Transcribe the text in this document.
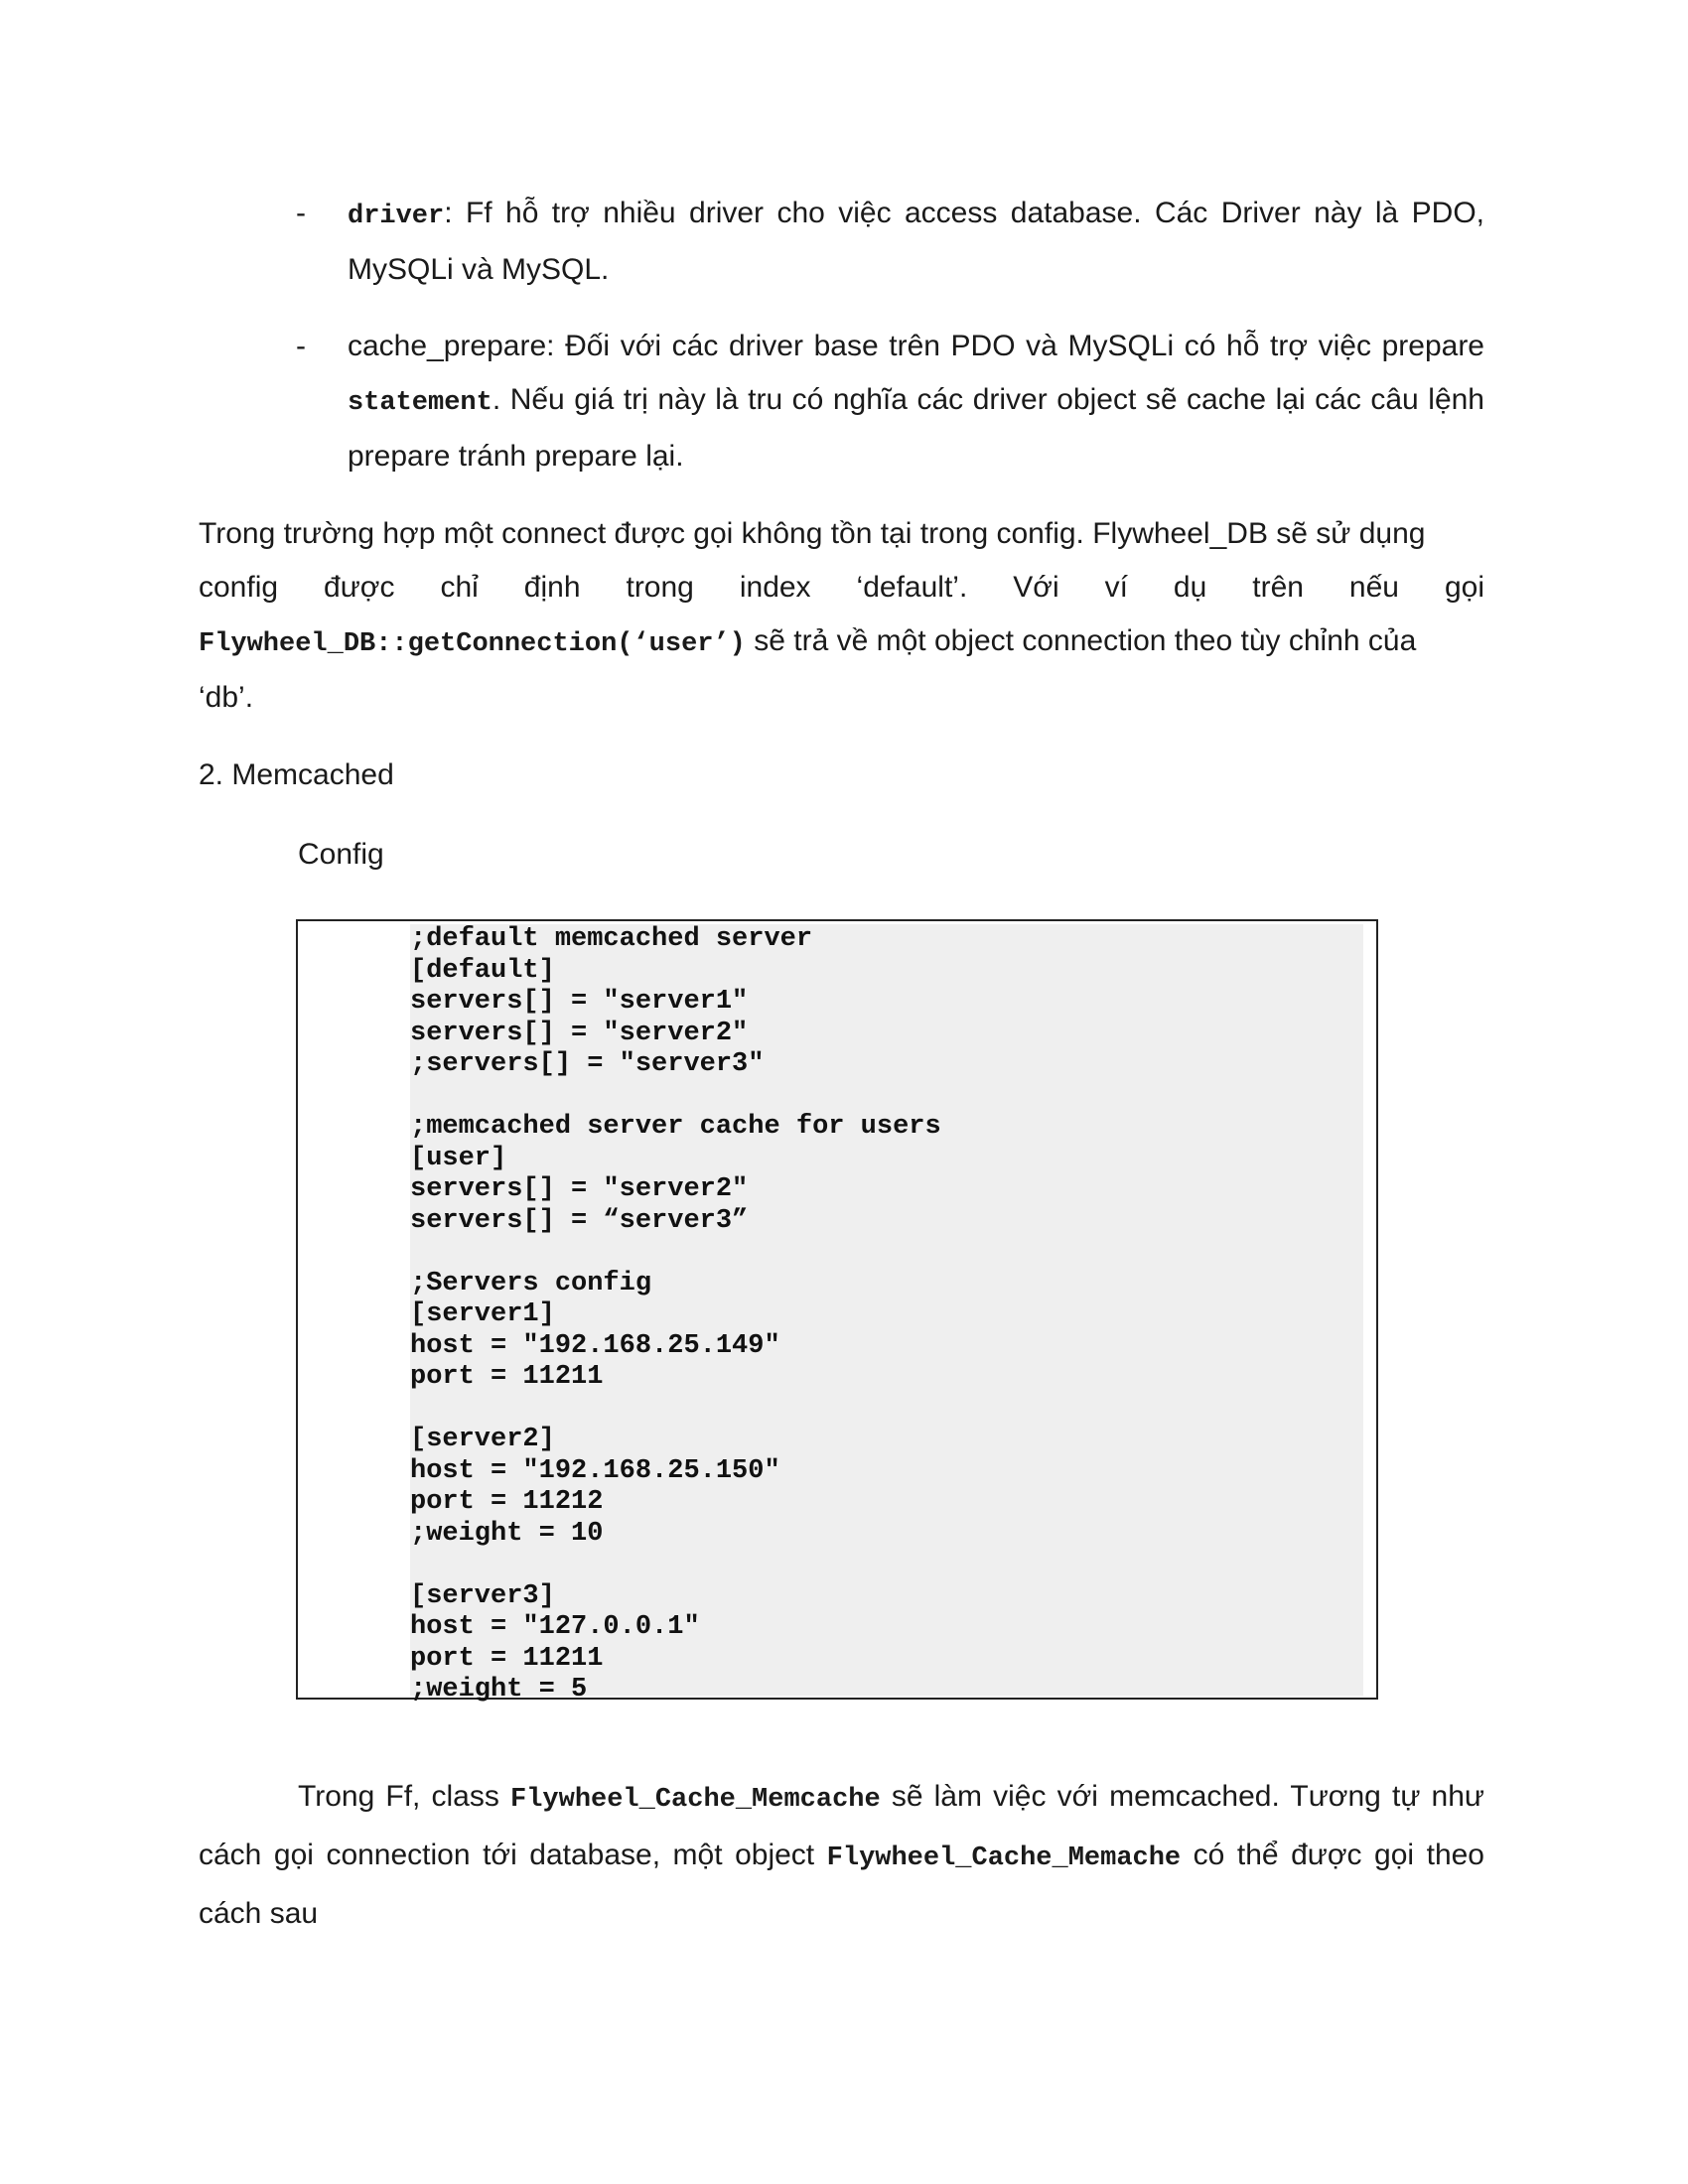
- driver: Ff hỗ trợ nhiều driver cho việc access database. Các Driver này là PDO, MySQLi và MySQL.
- cache_prepare: Đối với các driver base trên PDO và MySQLi có hỗ trợ việc prepare statement. Nếu giá trị này là tru có nghĩa các driver object sẽ cache lại các câu lệnh prepare tránh prepare lại.
Trong trường hợp một connect được gọi không tồn tại trong config. Flywheel_DB sẽ sử dụng
config được chỉ định trong index ‘default’. Với ví dụ trên nếu gọi
Flywheel_DB::getConnection(‘user’) sẽ trả về một object connection theo tùy chỉnh của
‘db’.
2. Memcached
Config
;default memcached server
[default]
servers[] = "server1"
servers[] = "server2"
;servers[] = "server3"

;memcached server cache for users
[user]
servers[] = "server2"
servers[] = “server3”

;Servers config
[server1]
host = "192.168.25.149"
port = 11211

[server2]
host = "192.168.25.150"
port = 11212
;weight = 10

[server3]
host = "127.0.0.1"
port = 11211
;weight = 5
Trong Ff, class Flywheel_Cache_Memcache sẽ làm việc với memcached. Tương tự như cách gọi connection tới database, một object Flywheel_Cache_Memache có thể được gọi theo cách sau
